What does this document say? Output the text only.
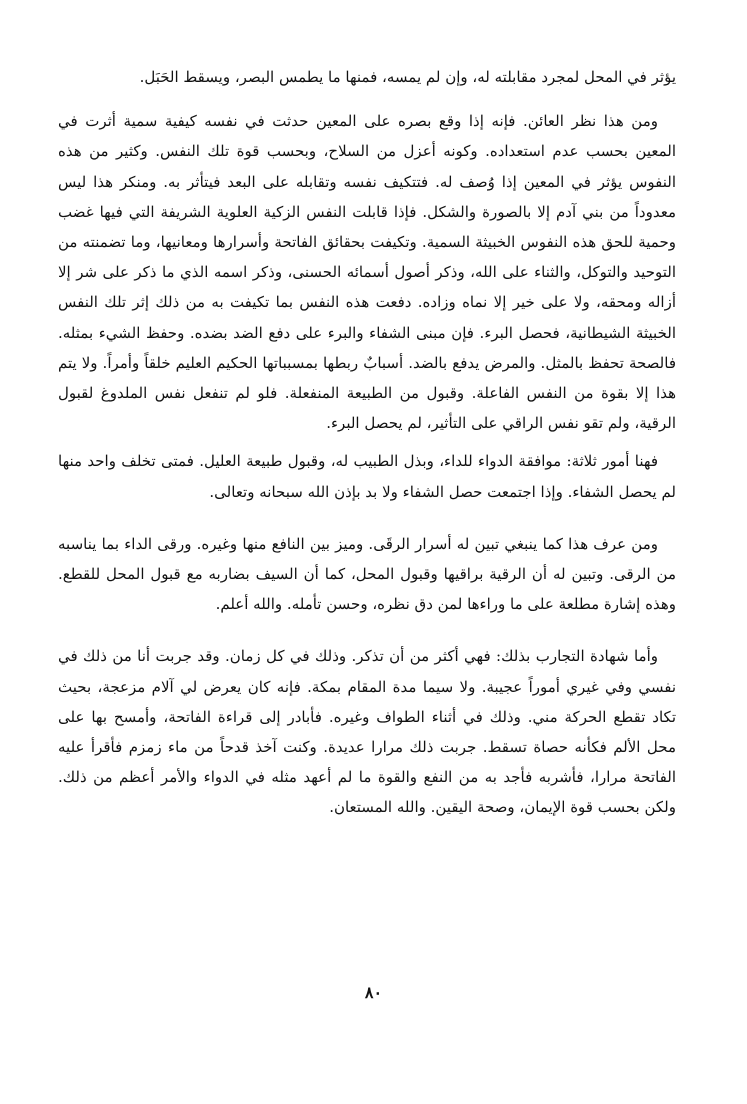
يؤثر في المحل لمجرد مقابلته له، وإن لم يمسه، فمنها ما يطمس البصر، ويسقط الحَبَل.

ومن هذا نظر العائن. فإنه إذا وقع بصره على المعين حدثت في نفسه كيفية سمية أثرت في المعين بحسب عدم استعداده. وكونه أعزل من السلاح، وبحسب قوة تلك النفس. وكثير من هذه النفوس يؤثر في المعين إذا وُصف له. فتتكيف نفسه وتقابله على البعد فيتأثر به. ومنكر هذا ليس معدوداً من بني آدم إلا بالصورة والشكل. فإذا قابلت النفس الزكية العلوية الشريفة التي فيها غضب وحمية للحق هذه النفوس الخبيثة السمية. وتكيفت بحقائق الفاتحة وأسرارها ومعانيها، وما تضمنته من التوحيد والتوكل، والثناء على الله، وذكر أصول أسمائه الحسنى، وذكر اسمه الذي ما ذكر على شر إلا أزاله ومحقه، ولا على خير إلا نماه وزاده. دفعت هذه النفس بما تكيفت به من ذلك إثر تلك النفس الخبيثة الشيطانية، فحصل البرء. فإن مبنى الشفاء والبرء على دفع الضد بضده. وحفظ الشيء بمثله. فالصحة تحفظ بالمثل. والمرض يدفع بالضد. أسبابٌ ربطها بمسبباتها الحكيم العليم خلقاً وأمراً. ولا يتم هذا إلا بقوة من النفس الفاعلة. وقبول من الطبيعة المنفعلة. فلو لم تنفعل نفس الملدوغ لقبول الرقية، ولم تقو نفس الراقي على التأثير، لم يحصل البرء.

فهنا أمور ثلاثة: موافقة الدواء للداء، وبذل الطبيب له، وقبول طبيعة العليل. فمتى تخلف واحد منها لم يحصل الشفاء. وإذا اجتمعت حصل الشفاء ولا بد بإذن الله سبحانه وتعالى.

ومن عرف هذا كما ينبغي تبين له أسرار الرقَى. وميز بين النافع منها وغيره. ورقى الداء بما يناسبه من الرقى. وتبين له أن الرقية براقيها وقبول المحل، كما أن السيف بضاربه مع قبول المحل للقطع. وهذه إشارة مطلعة على ما وراءها لمن دق نظره، وحسن تأمله. والله أعلم.

وأما شهادة التجارب بذلك: فهي أكثر من أن تذكر. وذلك في كل زمان. وقد جربت أنا من ذلك في نفسي وفي غيري أموراً عجيبة. ولا سيما مدة المقام بمكة. فإنه كان يعرض لي آلام مزعجة، بحيث تكاد تقطع الحركة مني. وذلك في أثناء الطواف وغيره. فأبادر إلى قراءة الفاتحة، وأمسح بها على محل الألم فكأنه حصاة تسقط. جربت ذلك مرارا عديدة. وكنت آخذ قدحاً من ماء زمزم فأقرأ عليه الفاتحة مرارا، فأشربه فأجد به من النفع والقوة ما لم أعهد مثله في الدواء والأمر أعظم من ذلك. ولكن بحسب قوة الإيمان، وصحة اليقين. والله المستعان.

٨٠
